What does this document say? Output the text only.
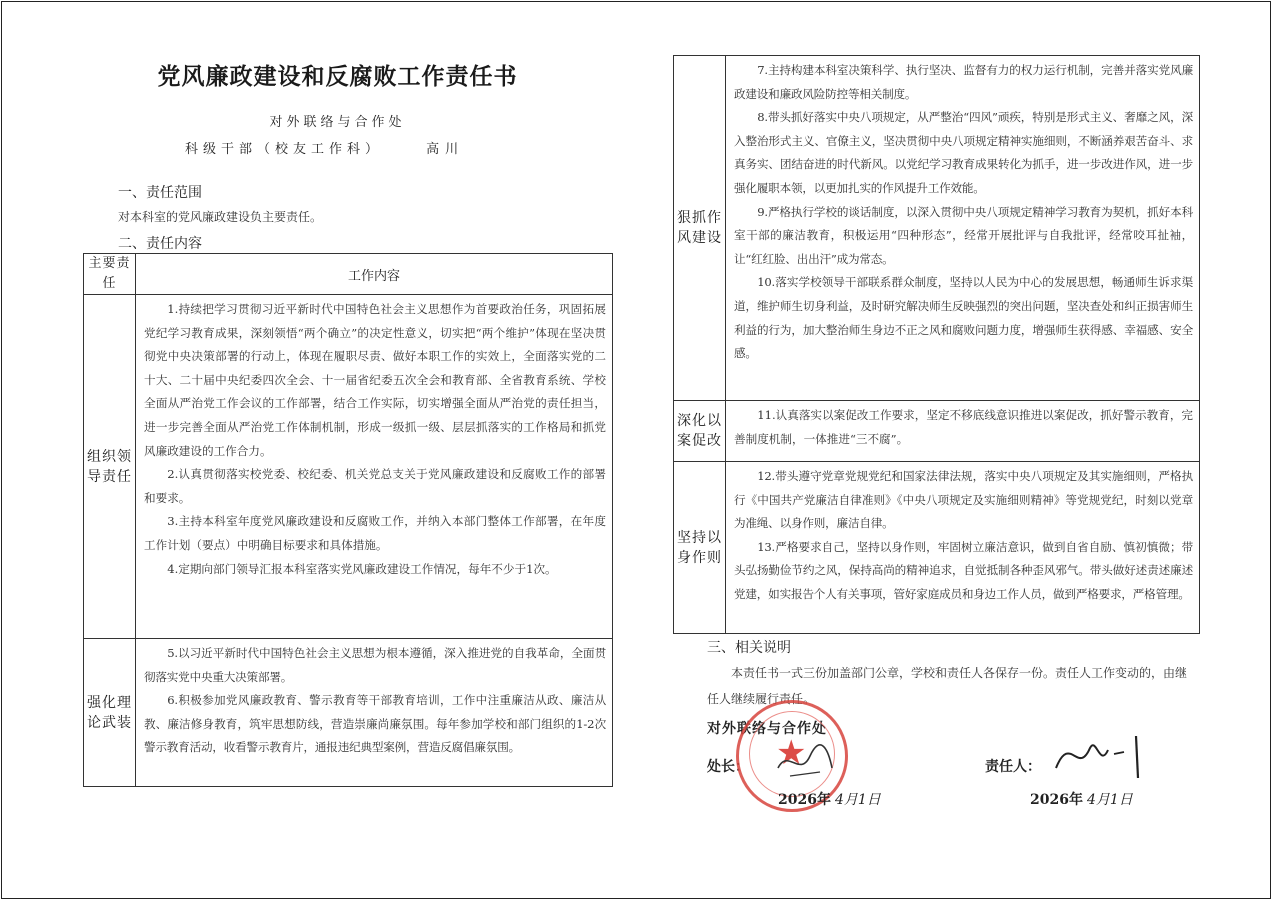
党风廉政建设和反腐败工作责任书
对外联络与合作处
科级干部（校友工作科）	高川
一、责任范围
对本科室的党风廉政建设负主要责任。
二、责任内容
主要责任	工作内容
组织领导责任	1.持续把学习贯彻习近平新时代中国特色社会主义思想作为首要政治任务，巩固拓展党纪学习教育成果，深刻领悟“两个确立”的决定性意义，切实把“两个维护”体现在坚决贯彻党中央决策部署的行动上，体现在履职尽责、做好本职工作的实效上，全面落实党的二十大、二十届中央纪委四次全会、十一届省纪委五次全会和教育部、全省教育系统、学校全面从严治党工作会议的工作部署，结合工作实际，切实增强全面从严治党的责任担当，进一步完善全面从严治党工作体制机制，形成一级抓一级、层层抓落实的工作格局和抓党风廉政建设的工作合力。

2.认真贯彻落实校党委、校纪委、机关党总支关于党风廉政建设和反腐败工作的部署和要求。

3.主持本科室年度党风廉政建设和反腐败工作，并纳入本部门整体工作部署，在年度工作计划（要点）中明确目标要求和具体措施。

4.定期向部门领导汇报本科室落实党风廉政建设工作情况，每年不少于1次。

强化理论武装	5.以习近平新时代中国特色社会主义思想为根本遵循，深入推进党的自我革命，全面贯彻落实党中央重大决策部署。

6.积极参加党风廉政教育、警示教育等干部教育培训，工作中注重廉洁从政、廉洁从教、廉洁修身教育，筑牢思想防线，营造崇廉尚廉氛围。每年参加学校和部门组织的1-2次警示教育活动，收看警示教育片，通报违纪典型案例，营造反腐倡廉氛围。

狠抓作风建设	7.主持构建本科室决策科学、执行坚决、监督有力的权力运行机制，完善并落实党风廉政建设和廉政风险防控等相关制度。

8.带头抓好落实中央八项规定，从严整治“四风”顽疾，特别是形式主义、奢靡之风，深入整治形式主义、官僚主义，坚决贯彻中央八项规定精神实施细则，不断涵养艰苦奋斗、求真务实、团结奋进的时代新风。以党纪学习教育成果转化为抓手，进一步改进作风，进一步强化履职本领，以更加扎实的作风提升工作效能。

9.严格执行学校的谈话制度，以深入贯彻中央八项规定精神学习教育为契机，抓好本科室干部的廉洁教育，积极运用“四种形态”，经常开展批评与自我批评，经常咬耳扯袖，让“红红脸、出出汗”成为常态。

10.落实学校领导干部联系群众制度，坚持以人民为中心的发展思想，畅通师生诉求渠道，维护师生切身利益，及时研究解决师生反映强烈的突出问题，坚决查处和纠正损害师生利益的行为，加大整治师生身边不正之风和腐败问题力度，增强师生获得感、幸福感、安全感。

深化以案促改	11.认真落实以案促改工作要求，坚定不移底线意识推进以案促改，抓好警示教育，完善制度机制，一体推进“三不腐”。

坚持以身作则	12.带头遵守党章党规党纪和国家法律法规，落实中央八项规定及其实施细则，严格执行《中国共产党廉洁自律准则》《中央八项规定及实施细则精神》等党规党纪，时刻以党章为准绳、以身作则，廉洁自律。

13.严格要求自己，坚持以身作则，牢固树立廉洁意识，做到自省自励、慎初慎微；带头弘扬勤俭节约之风，保持高尚的精神追求，自觉抵制各种歪风邪气。带头做好述责述廉述党建，如实报告个人有关事项，管好家庭成员和身边工作人员，做到严格要求，严格管理。

三、相关说明
本责任书一式三份加盖部门公章，学校和责任人各保存一份。责任人工作变动的，由继任人继续履行责任。
对外联络与合作处
处长：	责任人：
★
2026年 4月1日	2026年 4月1日
